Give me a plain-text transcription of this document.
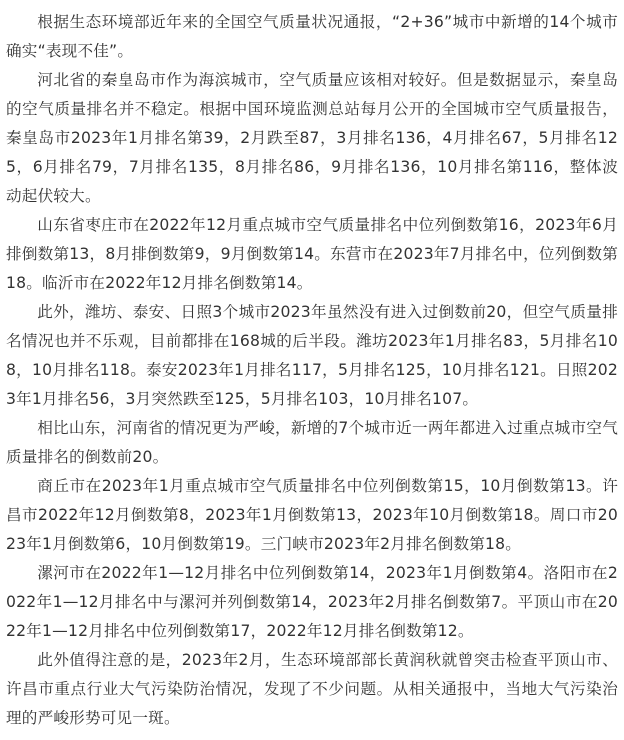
根据生态环境部近年来的全国空气质量状况通报，“2+36”城市中新增的14个城市确实“表现不佳”。

河北省的秦皇岛市作为海滨城市，空气质量应该相对较好。但是数据显示，秦皇岛的空气质量排名并不稳定。根据中国环境监测总站每月公开的全国城市空气质量报告，秦皇岛市2023年1月排名第39，2月跌至87，3月排名136，4月排名67，5月排名125，6月排名79，7月排名135，8月排名86，9月排名136，10月排名第116，整体波动起伏较大。

山东省枣庄市在2022年12月重点城市空气质量排名中位列倒数第16，2023年6月排倒数第13，8月排倒数第9，9月倒数第14。东营市在2023年7月排名中，位列倒数第18。临沂市在2022年12月排名倒数第14。

此外，潍坊、泰安、日照3个城市2023年虽然没有进入过倒数前20，但空气质量排名情况也并不乐观，目前都排在168城的后半段。潍坊2023年1月排名83，5月排名108，10月排名118。泰安2023年1月排名117，5月排名125，10月排名121。日照2023年1月排名56，3月突然跌至125，5月排名103，10月排名107。

相比山东，河南省的情况更为严峻，新增的7个城市近一两年都进入过重点城市空气质量排名的倒数前20。

商丘市在2023年1月重点城市空气质量排名中位列倒数第15，10月倒数第13。许昌市2022年12月倒数第8，2023年1月倒数第13，2023年10月倒数第18。周口市2023年1月倒数第6，10月倒数第19。三门峡市2023年2月排名倒数第18。

漯河市在2022年1—12月排名中位列倒数第14，2023年1月倒数第4。洛阳市在2022年1—12月排名中与漯河并列倒数第14，2023年2月排名倒数第7。平顶山市在2022年1—12月排名中位列倒数第17，2022年12月排名倒数第12。

此外值得注意的是，2023年2月，生态环境部部长黄润秋就曾突击检查平顶山市、许昌市重点行业大气污染防治情况，发现了不少问题。从相关通报中，当地大气污染治理的严峻形势可见一斑。
